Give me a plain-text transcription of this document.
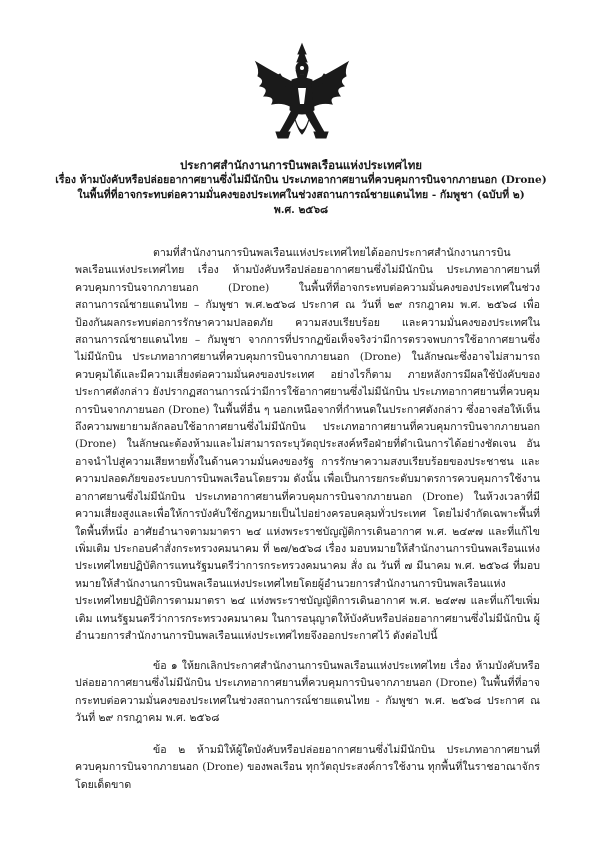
ประกาศสำนักงานการบินพลเรือนแห่งประเทศไทย
เรื่อง ห้ามบังคับหรือปล่อยอากาศยานซึ่งไม่มีนักบิน ประเภทอากาศยานที่ควบคุมการบินจากภายนอก (Drone)
ในพื้นที่ที่อาจกระทบต่อความมั่นคงของประเทศในช่วงสถานการณ์ชายแดนไทย - กัมพูชา (ฉบับที่ ๒)
พ.ศ. ๒๕๖๘
ตามที่สำนักงานการบินพลเรือนแห่งประเทศไทยได้ออกประกาศสำนักงานการบินพลเรือนแห่งประเทศไทย เรื่อง ห้ามบังคับหรือปล่อยอากาศยานซึ่งไม่มีนักบิน ประเภทอากาศยานที่ควบคุมการบินจากภายนอก (Drone) ในพื้นที่ที่อาจกระทบต่อความมั่นคงของประเทศในช่วงสถานการณ์ชายแดนไทย – กัมพูชา พ.ศ.๒๕๖๘ ประกาศ ณ วันที่ ๒๙ กรกฎาคม พ.ศ. ๒๕๖๘ เพื่อป้องกันผลกระทบต่อการรักษาความปลอดภัย ความสงบเรียบร้อย และความมั่นคงของประเทศในสถานการณ์ชายแดนไทย – กัมพูชา จากการที่ปรากฏข้อเท็จจริงว่ามีการตรวจพบการใช้อากาศยานซึ่งไม่มีนักบิน ประเภทอากาศยานที่ควบคุมการบินจากภายนอก (Drone) ในลักษณะซึ่งอาจไม่สามารถควบคุมได้และมีความเสี่ยงต่อความมั่นคงของประเทศ อย่างไรก็ตาม ภายหลังการมีผลใช้บังคับของประกาศดังกล่าว ยังปรากฏสถานการณ์ว่ามีการใช้อากาศยานซึ่งไม่มีนักบิน ประเภทอากาศยานที่ควบคุมการบินจากภายนอก (Drone) ในพื้นที่อื่น ๆ นอกเหนือจากที่กำหนดในประกาศดังกล่าว ซึ่งอาจส่อให้เห็นถึงความพยายามลักลอบใช้อากาศยานซึ่งไม่มีนักบิน ประเภทอากาศยานที่ควบคุมการบินจากภายนอก (Drone) ในลักษณะต้องห้ามและไม่สามารถระบุวัตถุประสงค์หรือฝ่ายที่ดำเนินการได้อย่างชัดเจน อันอาจนำไปสู่ความเสียหายทั้งในด้านความมั่นคงของรัฐ การรักษาความสงบเรียบร้อยของประชาชน และความปลอดภัยของระบบการบินพลเรือนโดยรวม ดังนั้น เพื่อเป็นการยกระดับมาตรการควบคุมการใช้งานอากาศยานซึ่งไม่มีนักบิน ประเภทอากาศยานที่ควบคุมการบินจากภายนอก (Drone) ในห้วงเวลาที่มีความเสี่ยงสูงและเพื่อให้การบังคับใช้กฎหมายเป็นไปอย่างครอบคลุมทั่วประเทศ โดยไม่จำกัดเฉพาะพื้นที่ใดพื้นที่หนึ่ง อาศัยอำนาจตามมาตรา ๒๔ แห่งพระราชบัญญัติการเดินอากาศ พ.ศ. ๒๔๙๗ และที่แก้ไขเพิ่มเติม ประกอบคำสั่งกระทรวงคมนาคม ที่ ๒๗/๒๕๖๘ เรื่อง มอบหมายให้สำนักงานการบินพลเรือนแห่งประเทศไทยปฏิบัติการแทนรัฐมนตรีว่าการกระทรวงคมนาคม สั่ง ณ วันที่ ๗ มีนาคม พ.ศ. ๒๕๖๘ ที่มอบหมายให้สำนักงานการบินพลเรือนแห่งประเทศไทยโดยผู้อำนวยการสำนักงานการบินพลเรือนแห่งประเทศไทยปฏิบัติการตามมาตรา ๒๔ แห่งพระราชบัญญัติการเดินอากาศ พ.ศ. ๒๔๙๗ และที่แก้ไขเพิ่มเติม แทนรัฐมนตรีว่าการกระทรวงคมนาคม ในการอนุญาตให้บังคับหรือปล่อยอากาศยานซึ่งไม่มีนักบิน ผู้อำนวยการสำนักงานการบินพลเรือนแห่งประเทศไทยจึงออกประกาศไว้ ดังต่อไปนี้
ข้อ ๑ ให้ยกเลิกประกาศสำนักงานการบินพลเรือนแห่งประเทศไทย เรื่อง ห้ามบังคับหรือปล่อยอากาศยานซึ่งไม่มีนักบิน ประเภทอากาศยานที่ควบคุมการบินจากภายนอก (Drone) ในพื้นที่ที่อาจกระทบต่อความมั่นคงของประเทศในช่วงสถานการณ์ชายแดนไทย - กัมพูชา พ.ศ. ๒๕๖๘ ประกาศ ณ วันที่ ๒๙ กรกฎาคม พ.ศ. ๒๕๖๘
ข้อ ๒ ห้ามมิให้ผู้ใดบังคับหรือปล่อยอากาศยานซึ่งไม่มีนักบิน ประเภทอากาศยานที่ควบคุมการบินจากภายนอก (Drone) ของพลเรือน ทุกวัตถุประสงค์การใช้งาน ทุกพื้นที่ในราชอาณาจักร โดยเด็ดขาด
